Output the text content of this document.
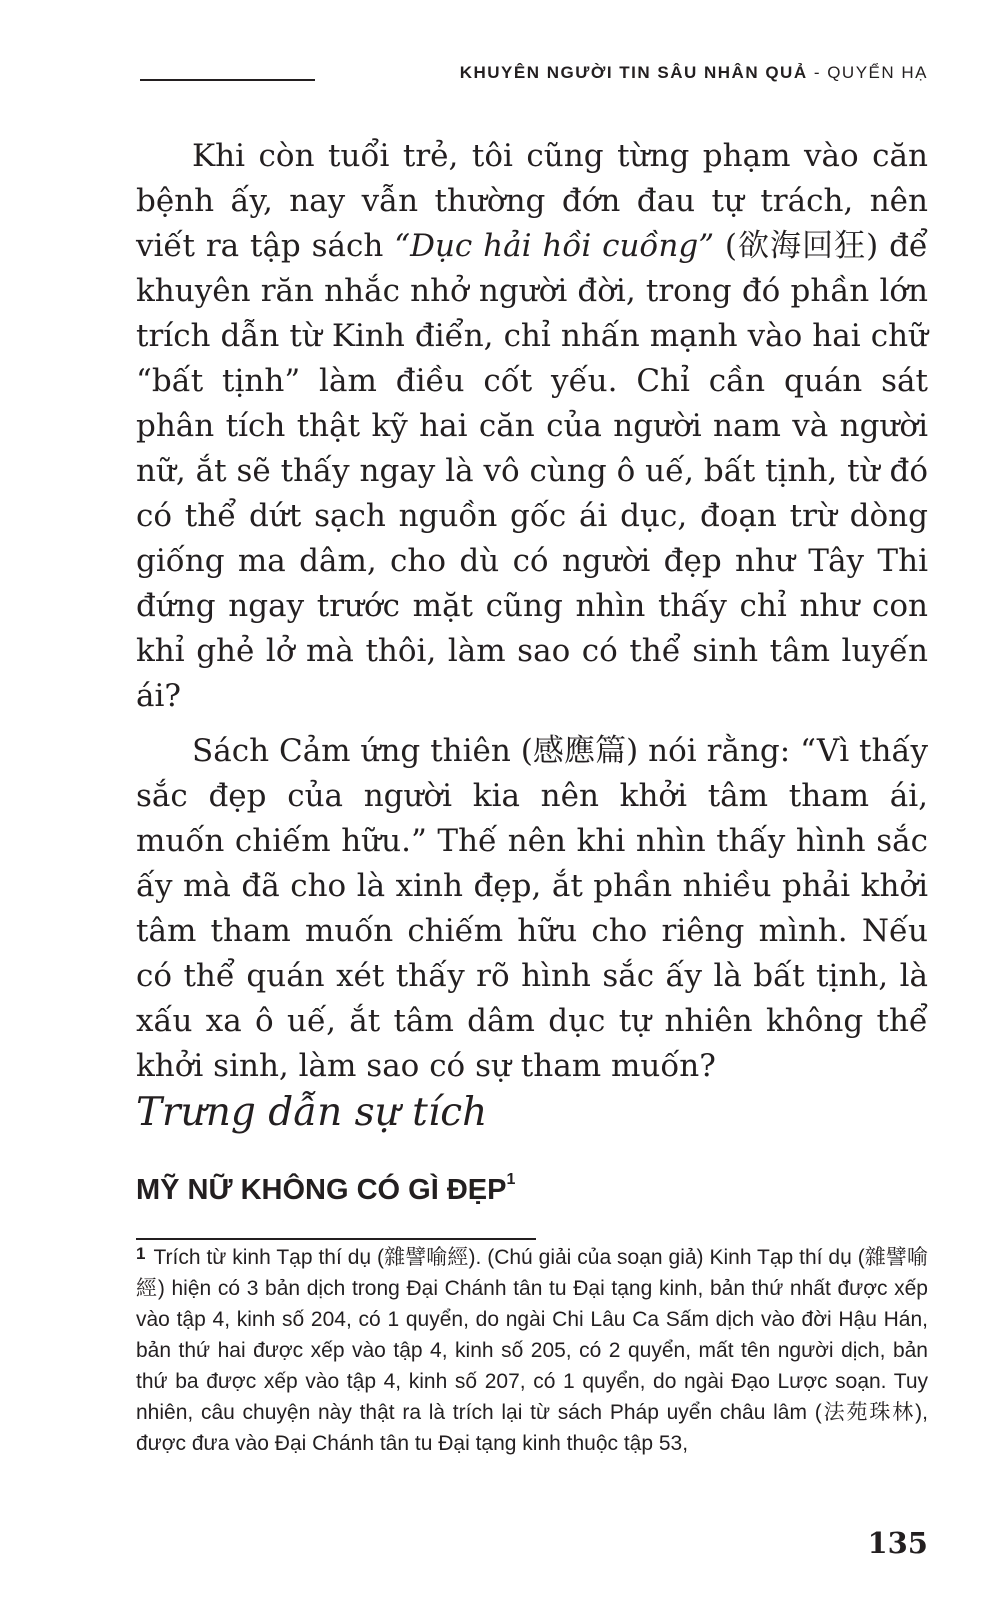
KHUYÊN NGƯỜI TIN SÂU NHÂN QUẢ - QUYỂN HẠ

Khi còn tuổi trẻ, tôi cũng từng phạm vào căn bệnh ấy, nay vẫn thường đớn đau tự trách, nên viết ra tập sách “Dục hải hồi cuồng” (欲海回狂) để khuyên răn nhắc nhở người đời, trong đó phần lớn trích dẫn từ Kinh điển, chỉ nhấn mạnh vào hai chữ “bất tịnh” làm điều cốt yếu. Chỉ cần quán sát phân tích thật kỹ hai căn của người nam và người nữ, ắt sẽ thấy ngay là vô cùng ô uế, bất tịnh, từ đó có thể dứt sạch nguồn gốc ái dục, đoạn trừ dòng giống ma dâm, cho dù có người đẹp như Tây Thi đứng ngay trước mặt cũng nhìn thấy chỉ như con khỉ ghẻ lở mà thôi, làm sao có thể sinh tâm luyến ái?

Sách Cảm ứng thiên (感應篇) nói rằng: “Vì thấy sắc đẹp của người kia nên khởi tâm tham ái, muốn chiếm hữu.” Thế nên khi nhìn thấy hình sắc ấy mà đã cho là xinh đẹp, ắt phần nhiều phải khởi tâm tham muốn chiếm hữu cho riêng mình. Nếu có thể quán xét thấy rõ hình sắc ấy là bất tịnh, là xấu xa ô uế, ắt tâm dâm dục tự nhiên không thể khởi sinh, làm sao có sự tham muốn?

Trưng dẫn sự tích
MỸ NỮ KHÔNG CÓ GÌ ĐẸP$^1$
$^1$ Trích từ kinh Tạp thí dụ (雜譬喻經). (Chú giải của soạn giả) Kinh Tạp thí dụ (雜譬喻經) hiện có 3 bản dịch trong Đại Chánh tân tu Đại tạng kinh, bản thứ nhất được xếp vào tập 4, kinh số 204, có 1 quyển, do ngài Chi Lâu Ca Sấm dịch vào đời Hậu Hán, bản thứ hai được xếp vào tập 4, kinh số 205, có 2 quyển, mất tên người dịch, bản thứ ba được xếp vào tập 4, kinh số 207, có 1 quyển, do ngài Đạo Lược soạn. Tuy nhiên, câu chuyện này thật ra là trích lại từ sách Pháp uyển châu lâm (法苑珠林), được đưa vào Đại Chánh tân tu Đại tạng kinh thuộc tập 53,
135
